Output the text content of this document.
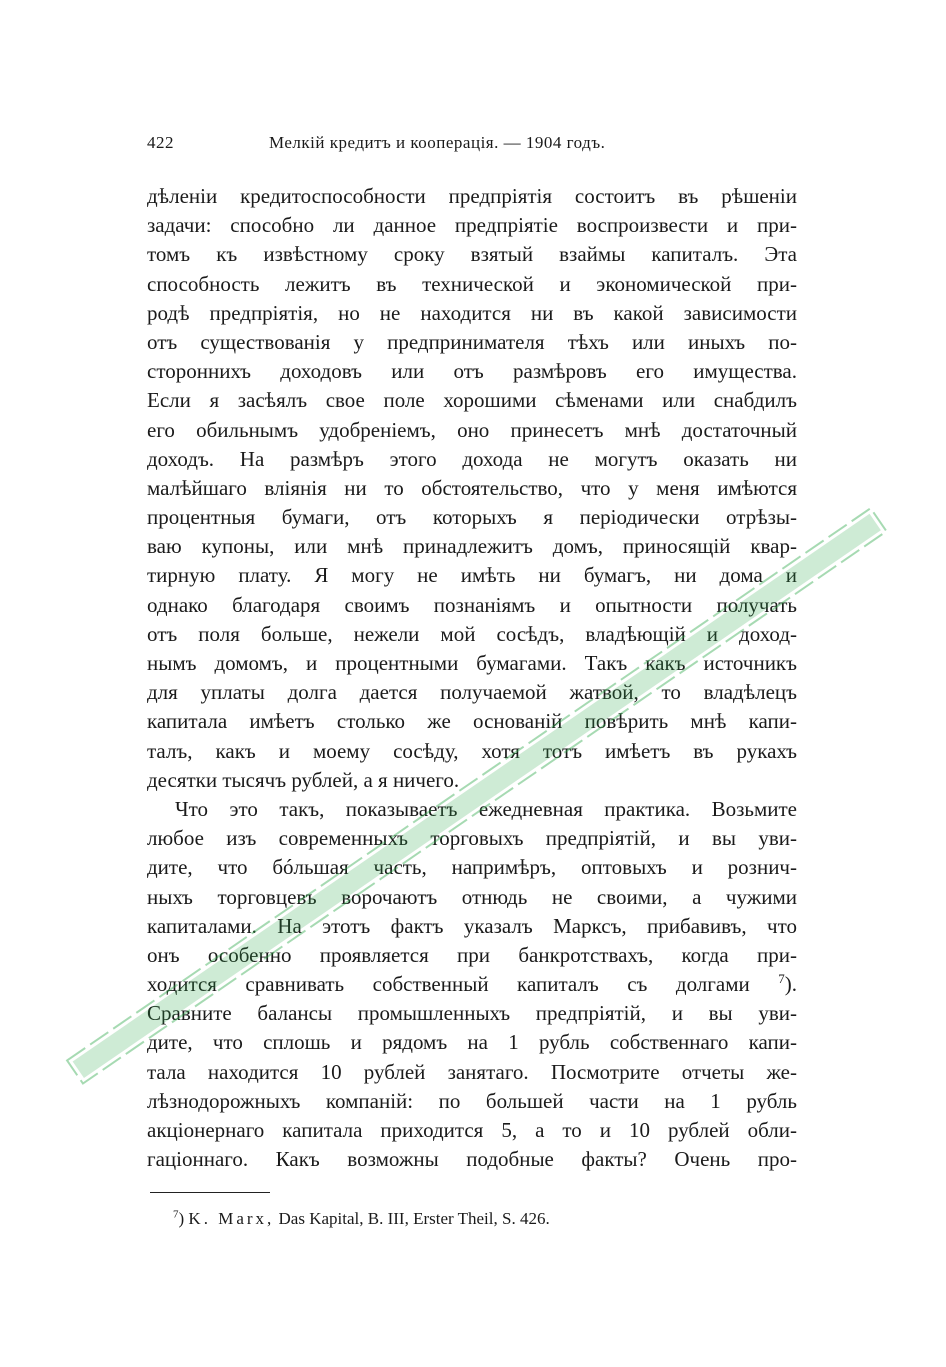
422	Мелкій кредитъ и кооперація. — 1904 годъ.
дѣленіи кредитоспособности предпріятія состоитъ въ рѣшеніи
задачи: способно ли данное предпріятіе воспроизвести и при-
томъ къ извѣстному сроку взятый взаймы капиталъ. Эта
способность лежитъ въ технической и экономической при-
родѣ предпріятія, но не находится ни въ какой зависимости
отъ существованія у предпринимателя тѣхъ или иныхъ по-
стороннихъ доходовъ или отъ размѣровъ его имущества.
Если я засѣялъ свое поле хорошими сѣменами или снабдилъ
его обильнымъ удобреніемъ, оно принесетъ мнѣ достаточный
доходъ. На размѣръ этого дохода не могутъ оказать ни
малѣйшаго вліянія ни то обстоятельство, что у меня имѣются
процентныя бумаги, отъ которыхъ я періодически отрѣзы-
ваю купоны, или мнѣ принадлежитъ домъ, приносящій квар-
тирную плату. Я могу не имѣть ни бумагъ, ни дома и
однако благодаря своимъ познаніямъ и опытности получать
отъ поля больше, нежели мой сосѣдъ, владѣющій и доход-
нымъ домомъ, и процентными бумагами. Такъ какъ источникъ
для уплаты долга дается получаемой жатвой, то владѣлецъ
капитала имѣетъ столько же основаній повѣрить мнѣ капи-
талъ, какъ и моему сосѣду, хотя тотъ имѣетъ въ рукахъ
десятки тысячъ рублей, а я ничего.
Что это такъ, показываетъ ежедневная практика. Возьмите
любое изъ современныхъ торговыхъ предпріятій, и вы уви-
дите, что бóльшая часть, напримѣръ, оптовыхъ и рознич-
ныхъ торговцевъ ворочаютъ отнюдь не своими, а чужими
капиталами. На этотъ фактъ указалъ Марксъ, прибавивъ, что
онъ особенно проявляется при банкротствахъ, когда при-
ходится сравнивать собственный капиталъ съ долгами $^7$).
Сравните балансы промышленныхъ предпріятій, и вы уви-
дите, что сплошь и рядомъ на 1 рубль собственнаго капи-
тала находится 10 рублей занятаго. Посмотрите отчеты же-
лѣзнодорожныхъ компаній: по большей части на 1 рубль
акціонернаго капитала приходится 5, а то и 10 рублей обли-
гаціоннаго. Какъ возможны подобные факты? Очень про-
$^7$) K. Marx, Das Kapital, B. III, Erster Theil, S. 426.
